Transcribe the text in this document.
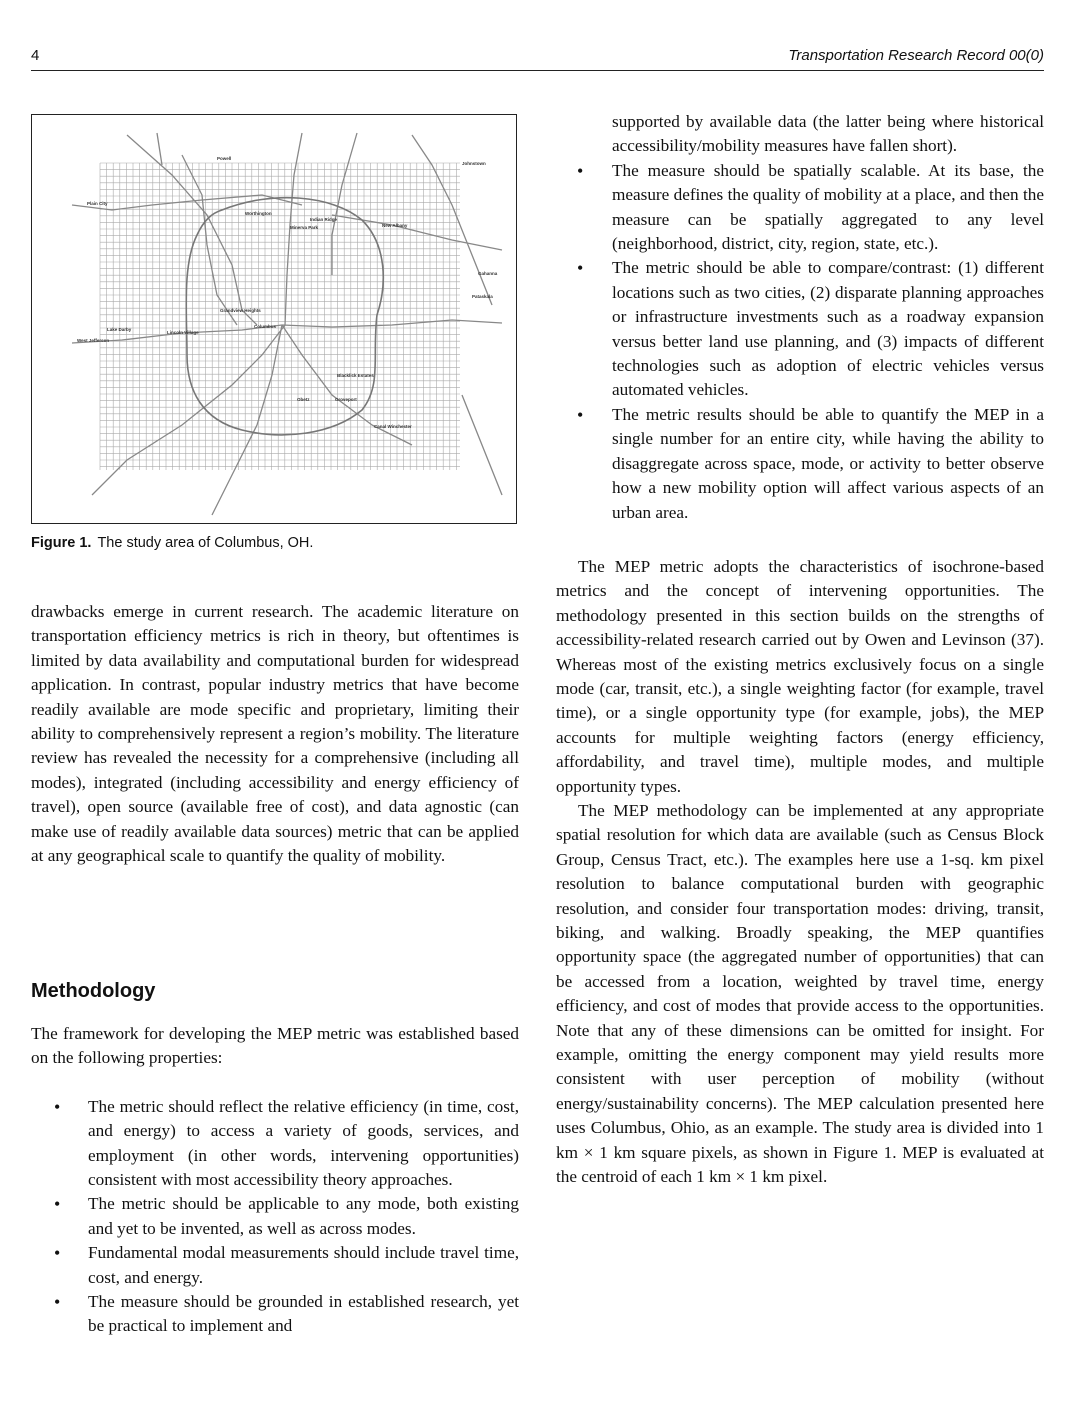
4	Transportation Research Record 00(0)
Powell
Johnstown
Plain City
Worthington
Indian Ridge
Minerva Park	New Albany
Gahanna
Pataskala
Grandview Heights
Columbus
Lake Darby
Lincoln Village
West Jefferson
Blacklick Estates
Obetz	Groveport
Canal Winchester
Figure 1. The study area of Columbus, OH.

drawbacks emerge in current research. The academic literature on transportation efficiency metrics is rich in theory, but oftentimes is limited by data availability and computational burden for widespread application. In contrast, popular industry metrics that have become readily available are mode specific and proprietary, limiting their ability to comprehensively represent a region’s mobility. The literature review has revealed the necessity for a comprehensive (including all modes), integrated (including accessibility and energy efficiency of travel), open source (available free of cost), and data agnostic (can make use of readily available data sources) metric that can be applied at any geographical scale to quantify the quality of mobility.

Methodology

The framework for developing the MEP metric was established based on the following properties:

• The metric should reflect the relative efficiency (in time, cost, and energy) to access a variety of goods, services, and employment (in other words, intervening opportunities) consistent with most accessibility theory approaches.
• The metric should be applicable to any mode, both existing and yet to be invented, as well as across modes.
• Fundamental modal measurements should include travel time, cost, and energy.
• The measure should be grounded in established research, yet be practical to implement and

supported by available data (the latter being where historical accessibility/mobility measures have fallen short).

• The measure should be spatially scalable. At its base, the measure defines the quality of mobility at a place, and then the measure can be spatially aggregated to any level (neighborhood, district, city, region, state, etc.).
• The metric should be able to compare/contrast: (1) different locations such as two cities, (2) disparate planning approaches or infrastructure investments such as a roadway expansion versus better land use planning, and (3) impacts of different technologies such as adoption of electric vehicles versus automated vehicles.
• The metric results should be able to quantify the MEP in a single number for an entire city, while having the ability to disaggregate across space, mode, or activity to better observe how a new mobility option will affect various aspects of an urban area.

The MEP metric adopts the characteristics of isochrone-based metrics and the concept of intervening opportunities. The methodology presented in this section builds on the strengths of accessibility-related research carried out by Owen and Levinson (37). Whereas most of the existing metrics exclusively focus on a single mode (car, transit, etc.), a single weighting factor (for example, travel time), or a single opportunity type (for example, jobs), the MEP accounts for multiple weighting factors (energy efficiency, affordability, and travel time), multiple modes, and multiple opportunity types.

The MEP methodology can be implemented at any appropriate spatial resolution for which data are available (such as Census Block Group, Census Tract, etc.). The examples here use a 1-sq. km pixel resolution to balance computational burden with geographic resolution, and consider four transportation modes: driving, transit, biking, and walking. Broadly speaking, the MEP quantifies opportunity space (the aggregated number of opportunities) that can be accessed from a location, weighted by travel time, energy efficiency, and cost of modes that provide access to the opportunities. Note that any of these dimensions can be omitted for insight. For example, omitting the energy component may yield results more consistent with user perception of mobility (without energy/sustainability concerns). The MEP calculation presented here uses Columbus, Ohio, as an example. The study area is divided into 1 km × 1 km square pixels, as shown in Figure 1. MEP is evaluated at the centroid of each 1 km × 1 km pixel.
